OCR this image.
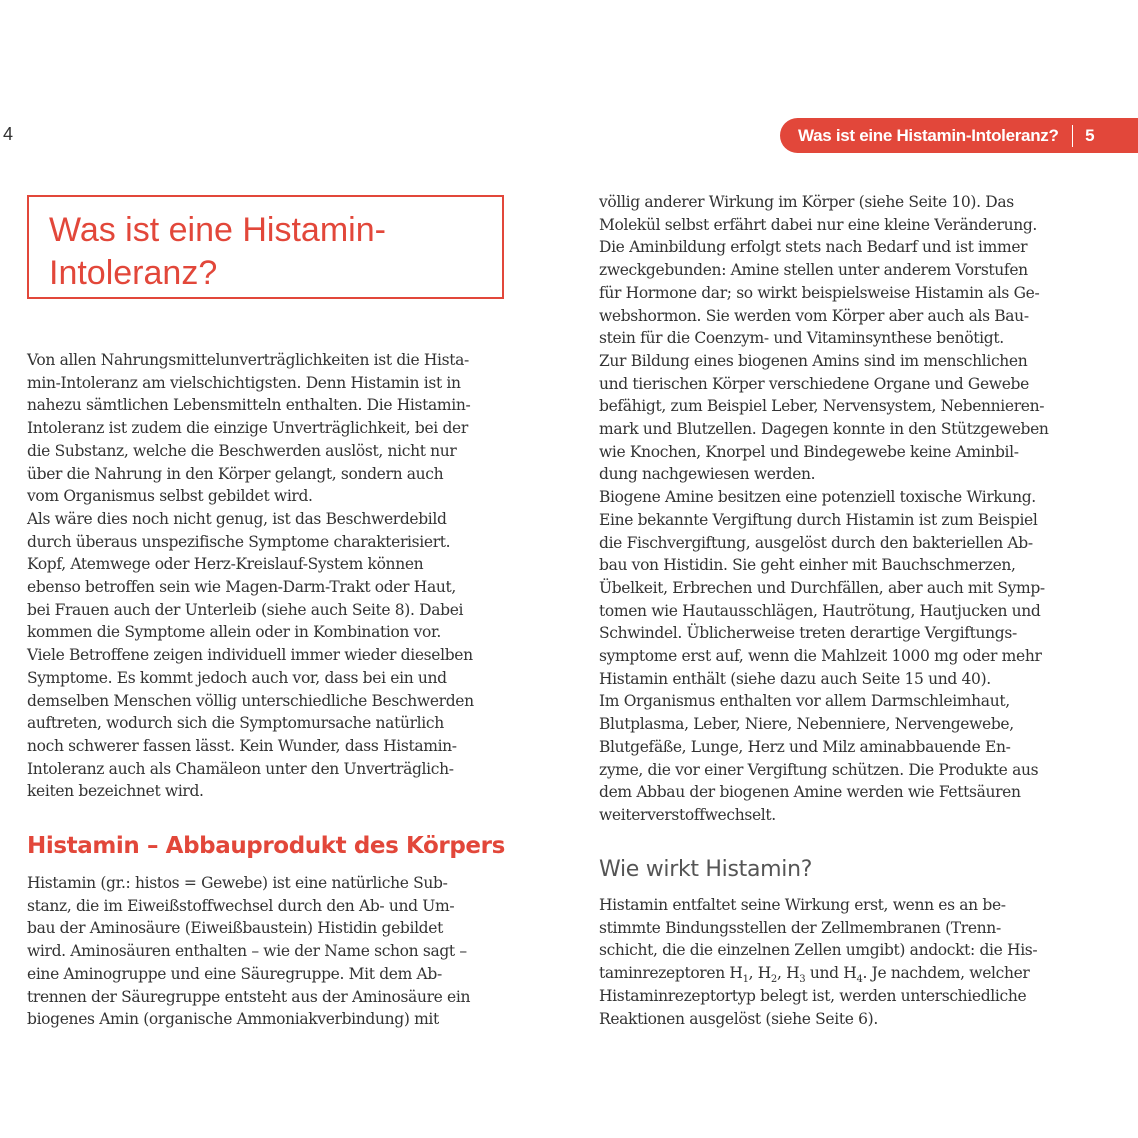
4	Was ist eine Histamin-Intoleranz? 5
Was ist eine Histamin-
Intoleranz?
Von allen Nahrungsmittelunverträglichkeiten ist die Hista-
min-Intoleranz am vielschichtigsten. Denn Histamin ist in
nahezu sämtlichen Lebensmitteln enthalten. Die Histamin-
Intoleranz ist zudem die einzige Unverträglichkeit, bei der
die Substanz, welche die Beschwerden auslöst, nicht nur
über die Nahrung in den Körper gelangt, sondern auch
vom Organismus selbst gebildet wird.
Als wäre dies noch nicht genug, ist das Beschwerdebild
durch überaus unspezifische Symptome charakterisiert.
Kopf, Atemwege oder Herz-Kreislauf-System können
ebenso betroffen sein wie Magen-Darm-Trakt oder Haut,
bei Frauen auch der Unterleib (siehe auch Seite 8). Dabei
kommen die Symptome allein oder in Kombination vor.
Viele Betroffene zeigen individuell immer wieder dieselben
Symptome. Es kommt jedoch auch vor, dass bei ein und
demselben Menschen völlig unterschiedliche Beschwerden
auftreten, wodurch sich die Symptomursache natürlich
noch schwerer fassen lässt. Kein Wunder, dass Histamin-
Intoleranz auch als Chamäleon unter den Unverträglich-
keiten bezeichnet wird.
Histamin – Abbauprodukt des Körpers
Histamin (gr.: histos = Gewebe) ist eine natürliche Sub-
stanz, die im Eiweißstoffwechsel durch den Ab- und Um-
bau der Aminosäure (Eiweißbaustein) Histidin gebildet
wird. Aminosäuren enthalten – wie der Name schon sagt –
eine Aminogruppe und eine Säuregruppe. Mit dem Ab-
trennen der Säuregruppe entsteht aus der Aminosäure ein
biogenes Amin (organische Ammoniakverbindung) mit
völlig anderer Wirkung im Körper (siehe Seite 10). Das
Molekül selbst erfährt dabei nur eine kleine Veränderung.
Die Aminbildung erfolgt stets nach Bedarf und ist immer
zweckgebunden: Amine stellen unter anderem Vorstufen
für Hormone dar; so wirkt beispielsweise Histamin als Ge-
webshormon. Sie werden vom Körper aber auch als Bau-
stein für die Coenzym- und Vitaminsynthese benötigt.
Zur Bildung eines biogenen Amins sind im menschlichen
und tierischen Körper verschiedene Organe und Gewebe
befähigt, zum Beispiel Leber, Nervensystem, Nebennieren-
mark und Blutzellen. Dagegen konnte in den Stützgeweben
wie Knochen, Knorpel und Bindegewebe keine Aminbil-
dung nachgewiesen werden.
Biogene Amine besitzen eine potenziell toxische Wirkung.
Eine bekannte Vergiftung durch Histamin ist zum Beispiel
die Fischvergiftung, ausgelöst durch den bakteriellen Ab-
bau von Histidin. Sie geht einher mit Bauchschmerzen,
Übelkeit, Erbrechen und Durchfällen, aber auch mit Symp-
tomen wie Hautausschlägen, Hautrötung, Hautjucken und
Schwindel. Üblicherweise treten derartige Vergiftungs-
symptome erst auf, wenn die Mahlzeit 1000 mg oder mehr
Histamin enthält (siehe dazu auch Seite 15 und 40).
Im Organismus enthalten vor allem Darmschleimhaut,
Blutplasma, Leber, Niere, Nebenniere, Nervengewebe,
Blutgefäße, Lunge, Herz und Milz aminabbauende En-
zyme, die vor einer Vergiftung schützen. Die Produkte aus
dem Abbau der biogenen Amine werden wie Fettsäuren
weiterverstoffwechselt.
Wie wirkt Histamin?
Histamin entfaltet seine Wirkung erst, wenn es an be-
stimmte Bindungsstellen der Zellmembranen (Trenn-
schicht, die die einzelnen Zellen umgibt) andockt: die His-
taminrezeptoren $H_1$, $H_2$, $H_3$ und $H_4$. Je nachdem, welcher
Histaminrezeptortyp belegt ist, werden unterschiedliche
Reaktionen ausgelöst (siehe Seite 6).
